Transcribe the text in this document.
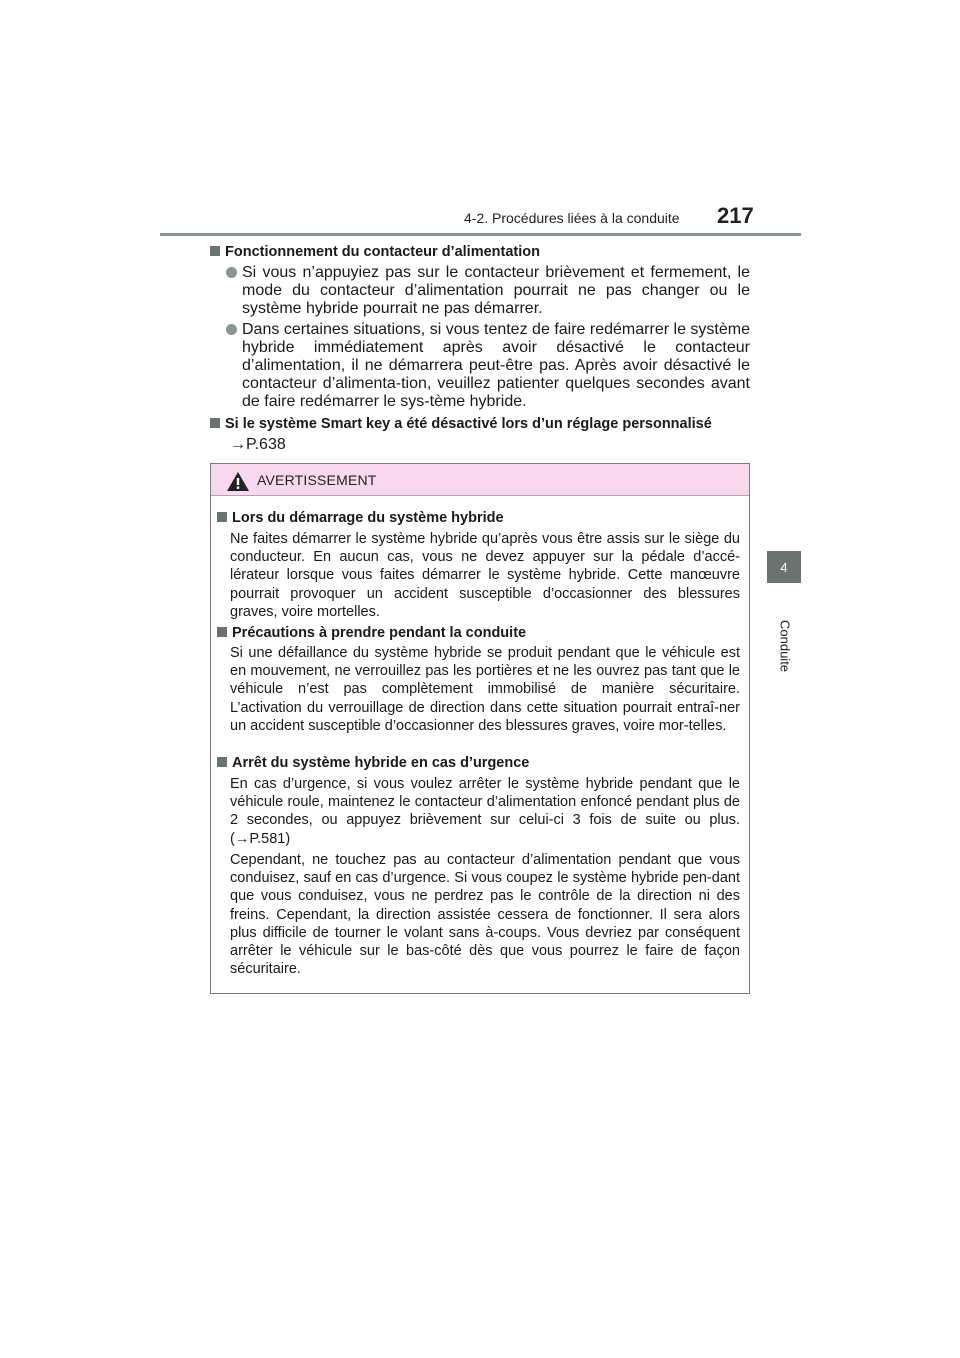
4-2. Procédures liées à la conduite 217
4
Conduite
Fonctionnement du contacteur d’alimentation
Si vous n’appuyiez pas sur le contacteur brièvement et fermement, le mode du contacteur d’alimentation pourrait ne pas changer ou le système hybride pourrait ne pas démarrer.
Dans certaines situations, si vous tentez de faire redémarrer le système hybride immédiatement après avoir désactivé le contacteur d’alimentation, il ne démarrera peut-être pas. Après avoir désactivé le contacteur d’alimenta-tion, veuillez patienter quelques secondes avant de faire redémarrer le sys-tème hybride.
Si le système Smart key a été désactivé lors d’un réglage personnalisé
→P.638
AVERTISSEMENT
Lors du démarrage du système hybride
Ne faites démarrer le système hybride qu’après vous être assis sur le siège du conducteur. En aucun cas, vous ne devez appuyer sur la pédale d’accé-lérateur lorsque vous faites démarrer le système hybride. Cette manœuvre pourrait provoquer un accident susceptible d’occasionner des blessures graves, voire mortelles.
Précautions à prendre pendant la conduite
Si une défaillance du système hybride se produit pendant que le véhicule est en mouvement, ne verrouillez pas les portières et ne les ouvrez pas tant que le véhicule n’est pas complètement immobilisé de manière sécuritaire. L’activation du verrouillage de direction dans cette situation pourrait entraî-ner un accident susceptible d’occasionner des blessures graves, voire mor-telles.
Arrêt du système hybride en cas d’urgence
En cas d’urgence, si vous voulez arrêter le système hybride pendant que le véhicule roule, maintenez le contacteur d’alimentation enfoncé pendant plus de 2 secondes, ou appuyez brièvement sur celui-ci 3 fois de suite ou plus. (→P.581)
Cependant, ne touchez pas au contacteur d’alimentation pendant que vous conduisez, sauf en cas d’urgence. Si vous coupez le système hybride pen-dant que vous conduisez, vous ne perdrez pas le contrôle de la direction ni des freins. Cependant, la direction assistée cessera de fonctionner. Il sera alors plus difficile de tourner le volant sans à-coups. Vous devriez par conséquent arrêter le véhicule sur le bas-côté dès que vous pourrez le faire de façon sécuritaire.
